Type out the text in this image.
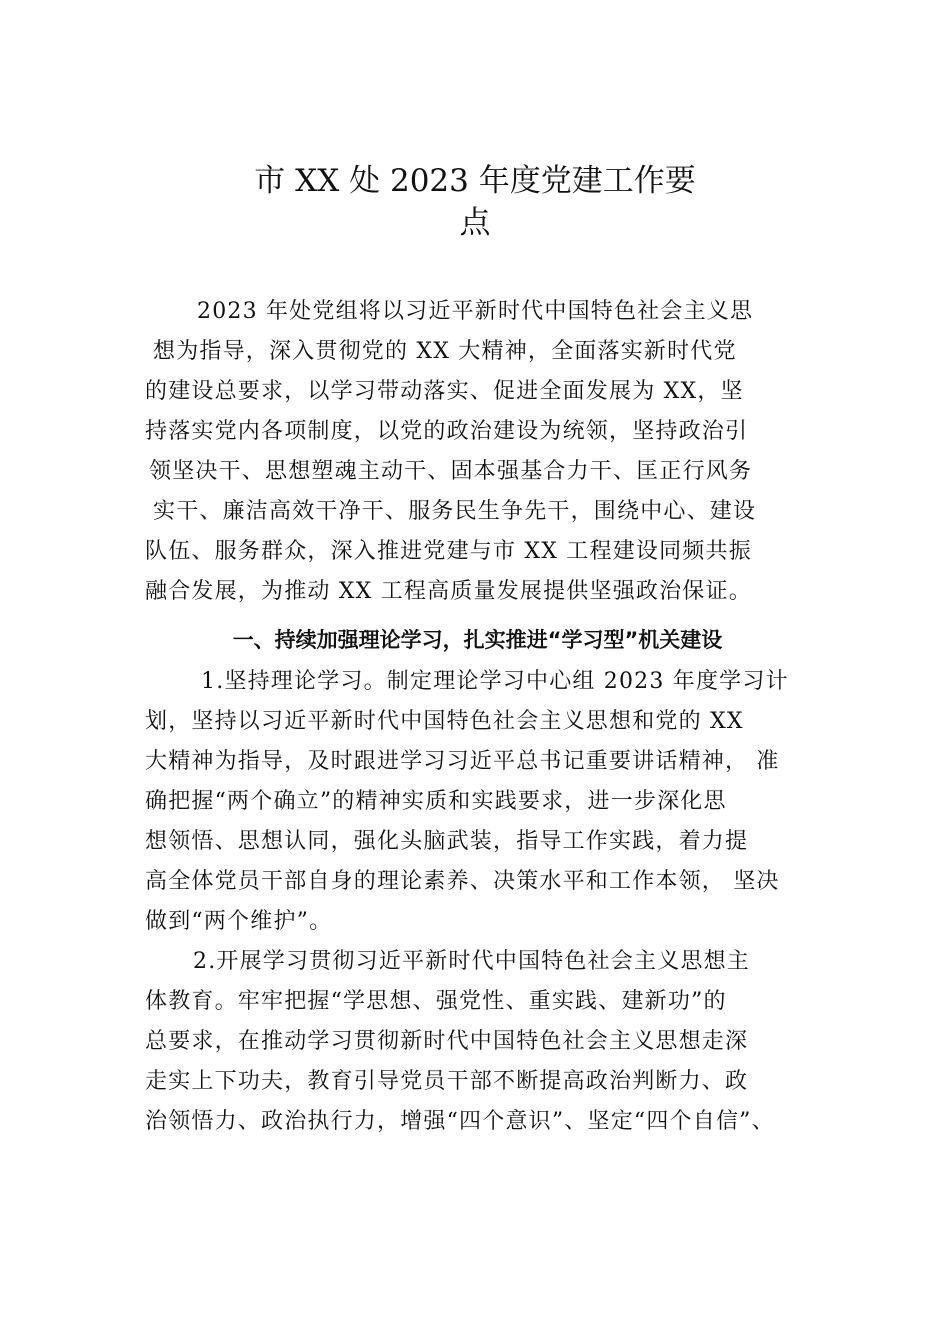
市 XX 处 2023 年度党建工作要
点
2023 年处党组将以习近平新时代中国特色社会主义思
想为指导，深入贯彻党的 XX 大精神，全面落实新时代党
的建设总要求，以学习带动落实、促进全面发展为 XX，坚
持落实党内各项制度，以党的政治建设为统领，坚持政治引
领坚决干、思想塑魂主动干、固本强基合力干、匡正行风务
实干、廉洁高效干净干、服务民生争先干，围绕中心、建设
队伍、服务群众，深入推进党建与市 XX 工程建设同频共振
融合发展，为推动 XX 工程高质量发展提供坚强政治保证。
一、持续加强理论学习，扎实推进“学习型”机关建设
1.坚持理论学习。制定理论学习中心组 2023 年度学习计
划，坚持以习近平新时代中国特色社会主义思想和党的 XX
大精神为指导，及时跟进学习习近平总书记重要讲话精神， 准
确把握“两个确立”的精神实质和实践要求，进一步深化思
想领悟、思想认同，强化头脑武装，指导工作实践，着力提
高全体党员干部自身的理论素养、决策水平和工作本领， 坚决
做到“两个维护”。
2.开展学习贯彻习近平新时代中国特色社会主义思想主
体教育。牢牢把握“学思想、强党性、重实践、建新功”的
总要求，在推动学习贯彻新时代中国特色社会主义思想走深
走实上下功夫，教育引导党员干部不断提高政治判断力、政
治领悟力、政治执行力，增强“四个意识”、坚定“四个自信”、
